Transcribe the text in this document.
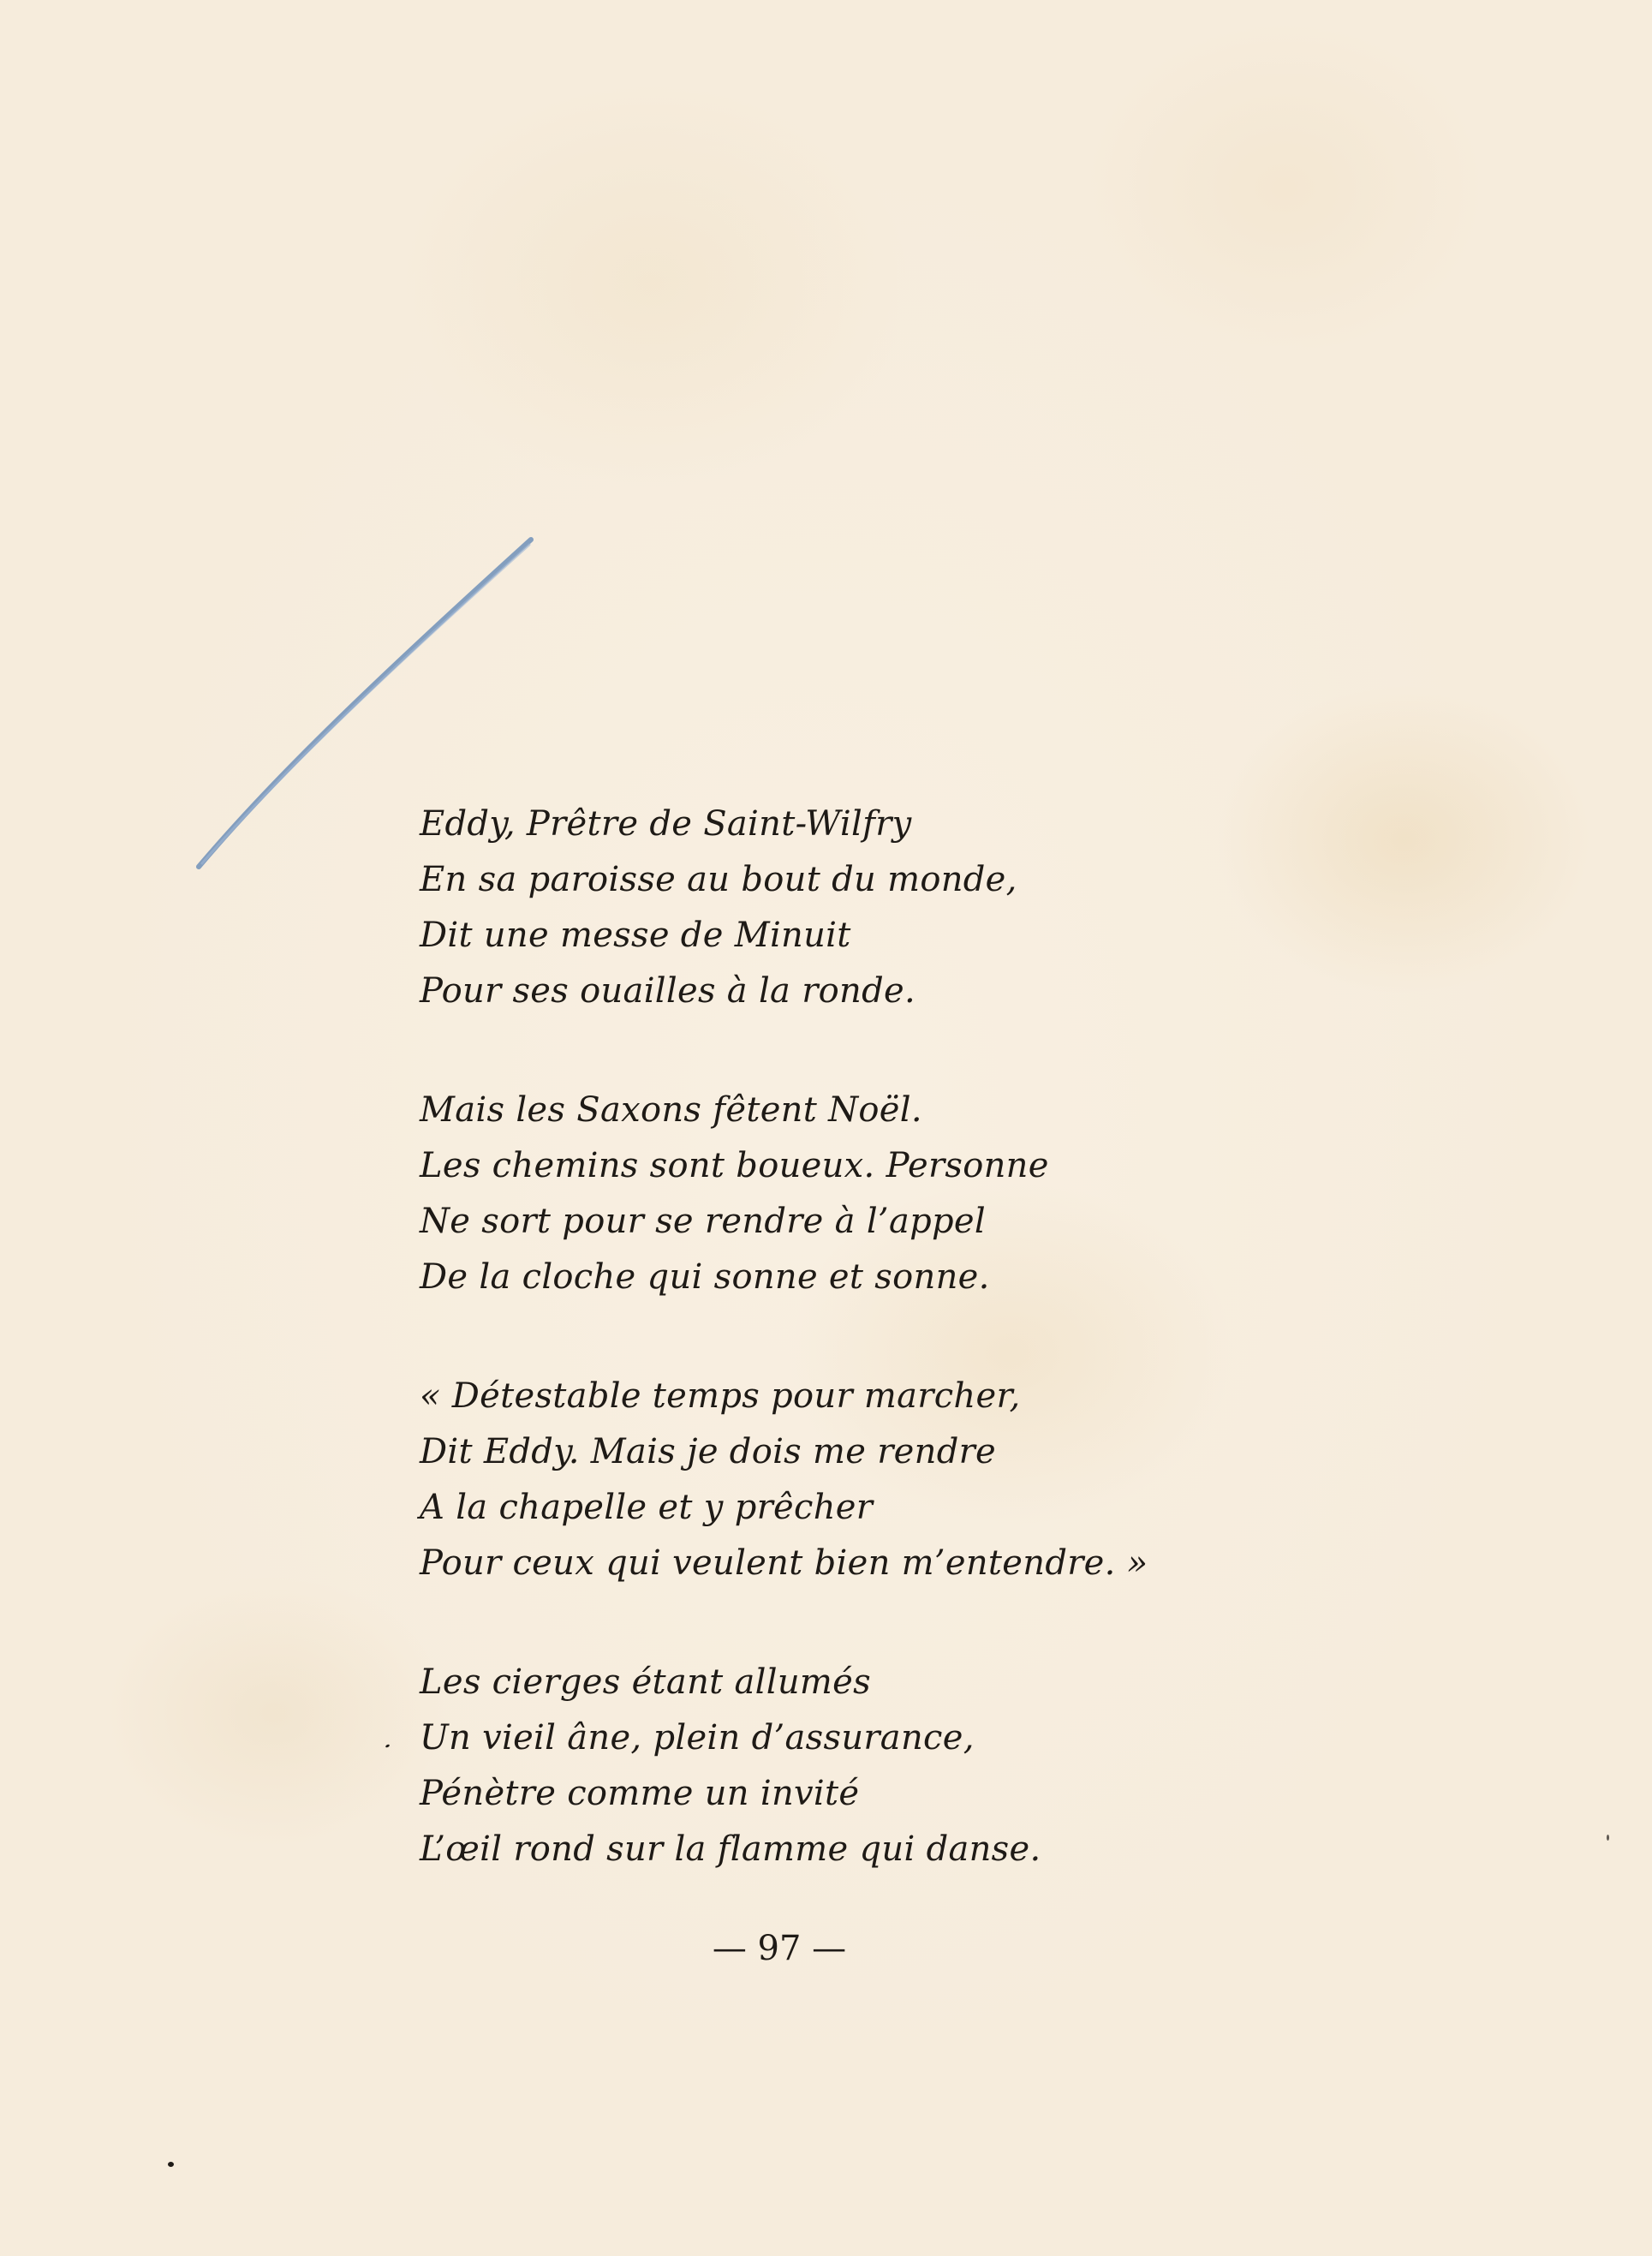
Eddy, Prêtre de Saint-Wilfry
En sa paroisse au bout du monde,
Dit une messe de Minuit
Pour ses ouailles à la ronde.
Mais les Saxons fêtent Noël.
Les chemins sont boueux. Personne
Ne sort pour se rendre à l’appel
De la cloche qui sonne et sonne.
« Détestable temps pour marcher,
Dit Eddy. Mais je dois me rendre
A la chapelle et y prêcher
Pour ceux qui veulent bien m’entendre. »
Les cierges étant allumés
Un vieil âne, plein d’assurance,
Pénètre comme un invité
L’œil rond sur la flamme qui danse.
— 97 —
